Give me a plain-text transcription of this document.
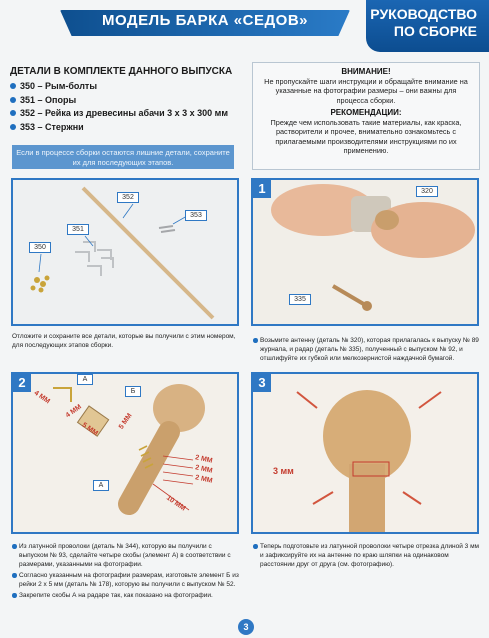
МОДЕЛЬ БАРКА «СЕДОВ»	РУКОВОДСТВО
ПО СБОРКЕ
ДЕТАЛИ В КОМПЛЕКТЕ ДАННОГО ВЫПУСКА
350 – Рым-болты
351 – Опоры
352 – Рейка из древесины абачи 3 x 3 x 300 мм
353 – Стержни
Если в процессе сборки остаются лишние детали, сохраните их для последующих этапов.
ВНИМАНИЕ!
Не пропускайте шаги инструкции и обращайте внимание на указанные на фотографии размеры – они важны для процесса сборки.
РЕКОМЕНДАЦИИ:
Прежде чем использовать такие материалы, как краска, растворители и прочее, внимательно ознакомьтесь с прилагаемыми производителями инструкциями по их применению.
352
353
351
350
Отложите и сохраните все детали, которые вы получили с этим номером, для последующих этапов сборки.
1	320
335
Возьмите антенну (деталь № 320), которая прилагалась к выпуску № 89 журнала, и радар (деталь № 335), полученный с выпуском № 92, и отшлифуйте их губкой или мелкозернистой наждачной бумагой.
2	А
Б
А
4 ММ
4 ММ
5 ММ	5 ММ
2 ММ
2 ММ
2 ММ
10 ММ
Из латунной проволоки (деталь № 344), которую вы получили с выпуском № 93, сделайте четыре скобы (элемент А) в соответствии с размерами, указанными на фотографии.
Согласно указанным на фотографии размерам, изготовьте элемент Б из рейки 2 x 5 мм (деталь № 178), которую вы получили с выпуском № 52.
Закрепите скобы А на радаре так, как показано на фотографии.
3
3 мм
Теперь подготовьте из латунной проволоки четыре отрезка длиной 3 мм и зафиксируйте их на антенне по краю шляпки на одинаковом расстоянии друг от друга (см. фотографию).
3
